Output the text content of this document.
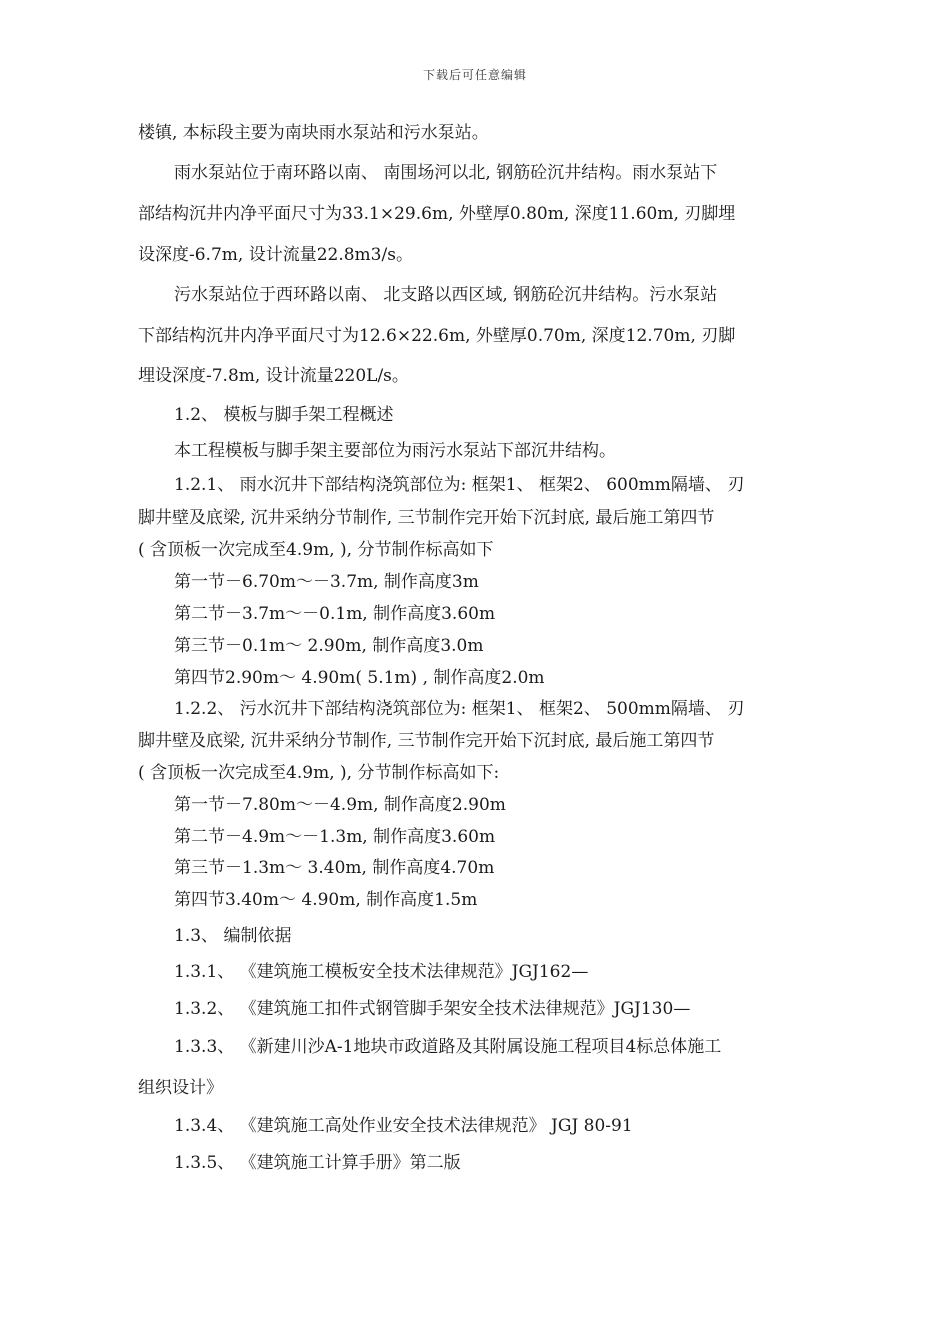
下载后可任意编辑
楼镇, 本标段主要为南块雨水泵站和污水泵站。
雨水泵站位于南环路以南、 南围场河以北, 钢筋砼沉井结构。雨水泵站下
部结构沉井内净平面尺寸为33.1×29.6m, 外壁厚0.80m, 深度11.60m, 刃脚埋
设深度-6.7m, 设计流量22.8m3/s。
污水泵站位于西环路以南、 北支路以西区域, 钢筋砼沉井结构。污水泵站
下部结构沉井内净平面尺寸为12.6×22.6m, 外壁厚0.70m, 深度12.70m, 刃脚
埋设深度-7.8m, 设计流量220L/s。
1.2、 模板与脚手架工程概述
本工程模板与脚手架主要部位为雨污水泵站下部沉井结构。
1.2.1、 雨水沉井下部结构浇筑部位为: 框架1、 框架2、 600mm隔墙、 刃
脚井壁及底梁, 沉井采纳分节制作, 三节制作完开始下沉封底, 最后施工第四节
( 含顶板一次完成至4.9m, ), 分节制作标高如下
第一节－6.70m～－3.7m, 制作高度3m
第二节－3.7m～－0.1m, 制作高度3.60m
第三节－0.1m～ 2.90m, 制作高度3.0m
第四节2.90m～ 4.90m( 5.1m) , 制作高度2.0m
1.2.2、 污水沉井下部结构浇筑部位为: 框架1、 框架2、 500mm隔墙、 刃
脚井壁及底梁, 沉井采纳分节制作, 三节制作完开始下沉封底, 最后施工第四节
( 含顶板一次完成至4.9m, ), 分节制作标高如下:
第一节－7.80m～－4.9m, 制作高度2.90m
第二节－4.9m～－1.3m, 制作高度3.60m
第三节－1.3m～ 3.40m, 制作高度4.70m
第四节3.40m～ 4.90m, 制作高度1.5m
1.3、 编制依据
1.3.1、 《建筑施工模板安全技术法律规范》JGJ162—
1.3.2、 《建筑施工扣件式钢管脚手架安全技术法律规范》JGJ130—
1.3.3、 《新建川沙A-1地块市政道路及其附属设施工程项目4标总体施工
组织设计》
1.3.4、 《建筑施工高处作业安全技术法律规范》 JGJ 80-91
1.3.5、 《建筑施工计算手册》第二版
